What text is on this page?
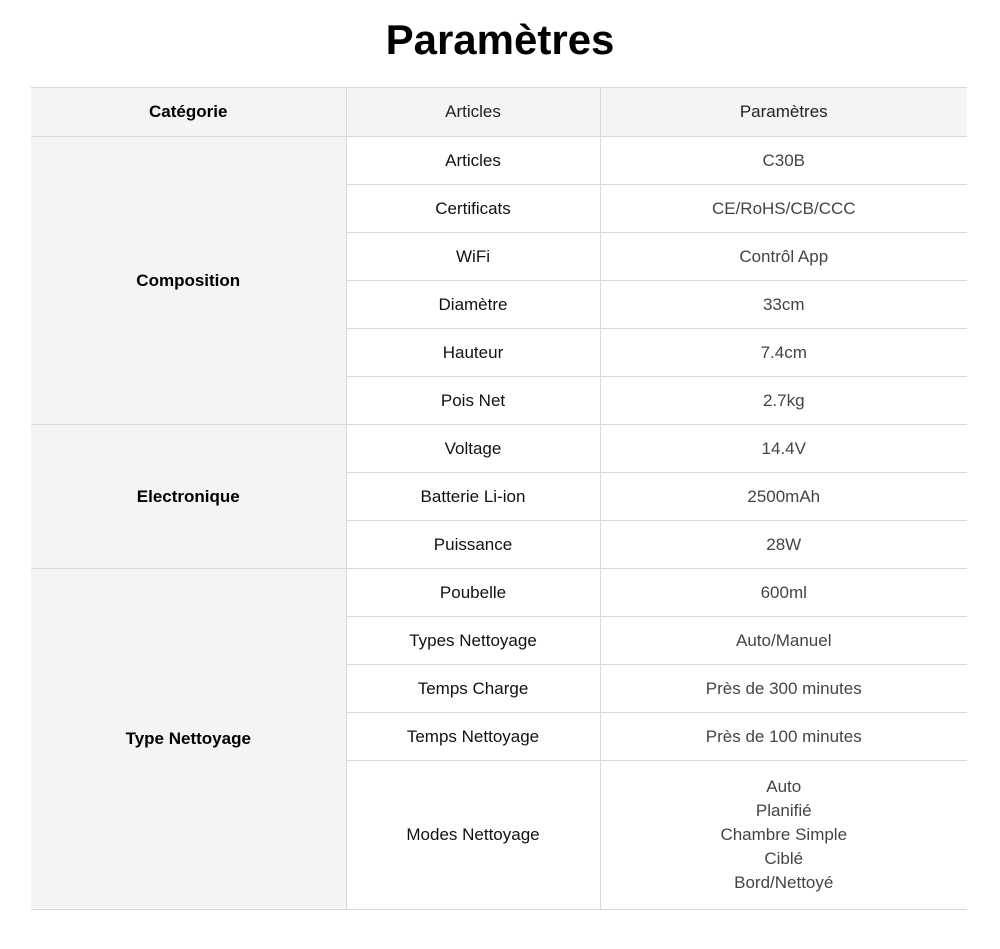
Paramètres
Catégorie	Articles	Paramètres
Composition	Articles	C30B

	Certificats	CE/RoHS/CB/CCC

	WiFi	Contrôl App

	Diamètre	33cm

	Hauteur	7.4cm

	Pois Net	2.7kg

Electronique	Voltage	14.4V

	Batterie Li-ion	2500mAh

	Puissance	28W

Type Nettoyage	Poubelle	600ml

	Types Nettoyage	Auto/Manuel

	Temps Charge	Près de 300 minutes

	Temps Nettoyage	Près de 100 minutes

	Modes Nettoyage	Auto
Planifié
Chambre Simple
Ciblé
Bord/Nettoyé
